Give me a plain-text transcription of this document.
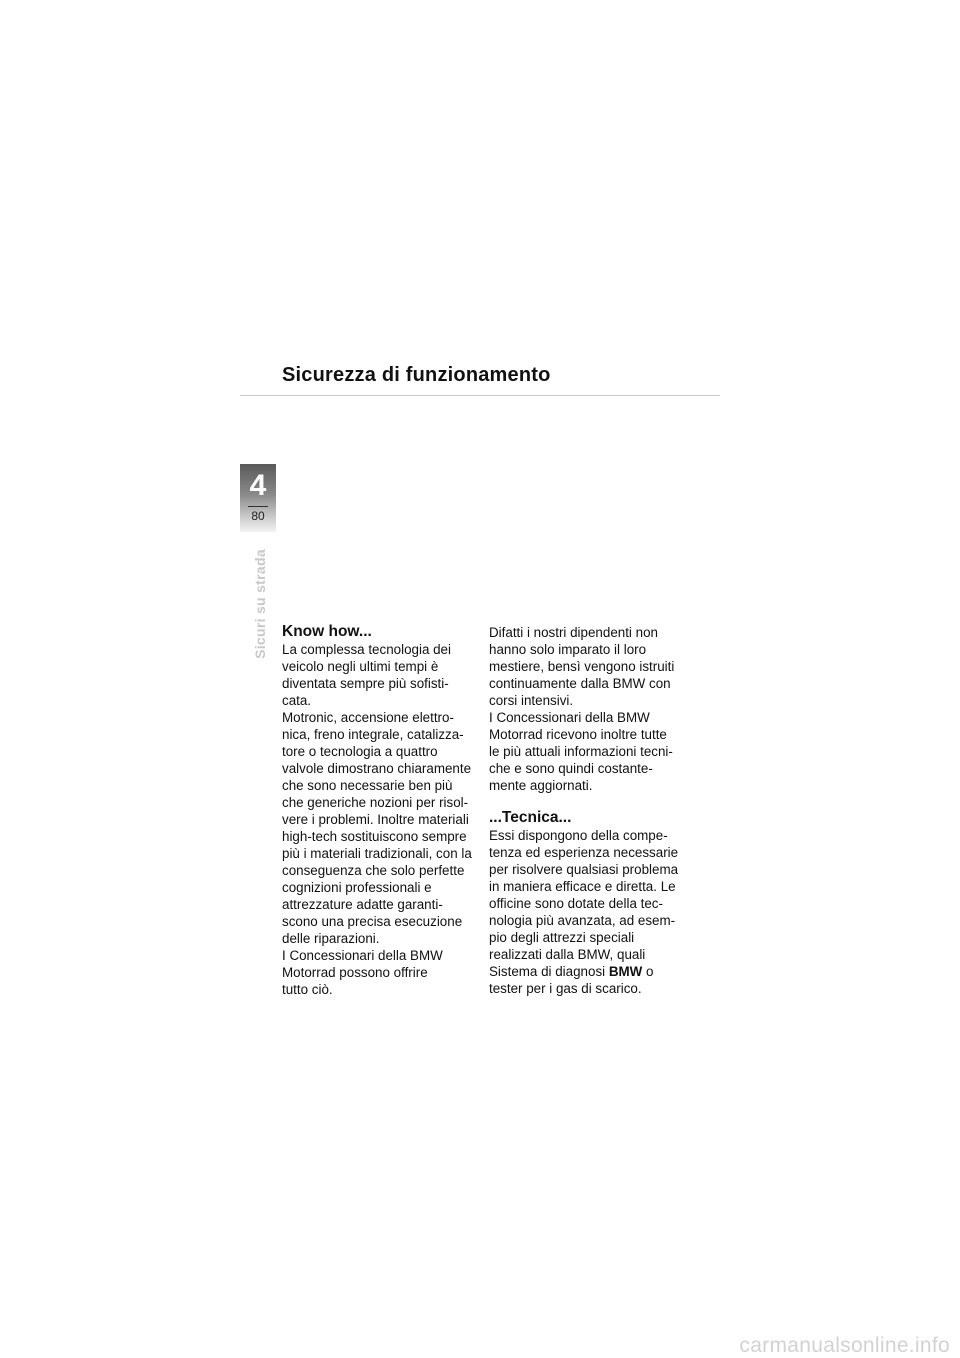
Sicurezza di funzionamento
4
80
Sicuri su strada Know how...

La complessa tecnologia dei

veicolo negli ultimi tempi è

diventata sempre più sofisti-

cata.

Motronic, accensione elettro-

nica, freno integrale, catalizza-

tore o tecnologia a quattro

valvole dimostrano chiaramente

che sono necessarie ben più

che generiche nozioni per risol-

vere i problemi. Inoltre materiali

high-tech sostituiscono sempre

più i materiali tradizionali, con la

conseguenza che solo perfette

cognizioni professionali e

attrezzature adatte garanti-

scono una precisa esecuzione

delle riparazioni.

I Concessionari della BMW

Motorrad possono offrire

tutto ciò.

Difatti i nostri dipendenti non

hanno solo imparato il loro

mestiere, bensì vengono istruiti

continuamente dalla BMW con

corsi intensivi.

I Concessionari della BMW

Motorrad ricevono inoltre tutte

le più attuali informazioni tecni-

che e sono quindi costante-

mente aggiornati.

...Tecnica...

Essi dispongono della compe-

tenza ed esperienza necessarie

per risolvere qualsiasi problema

in maniera efficace e diretta. Le

officine sono dotate della tec-

nologia più avanzata, ad esem-

pio degli attrezzi speciali

realizzati dalla BMW, quali

Sistema di diagnosi BMW o

tester per i gas di scarico.

carmanualsonline.info
